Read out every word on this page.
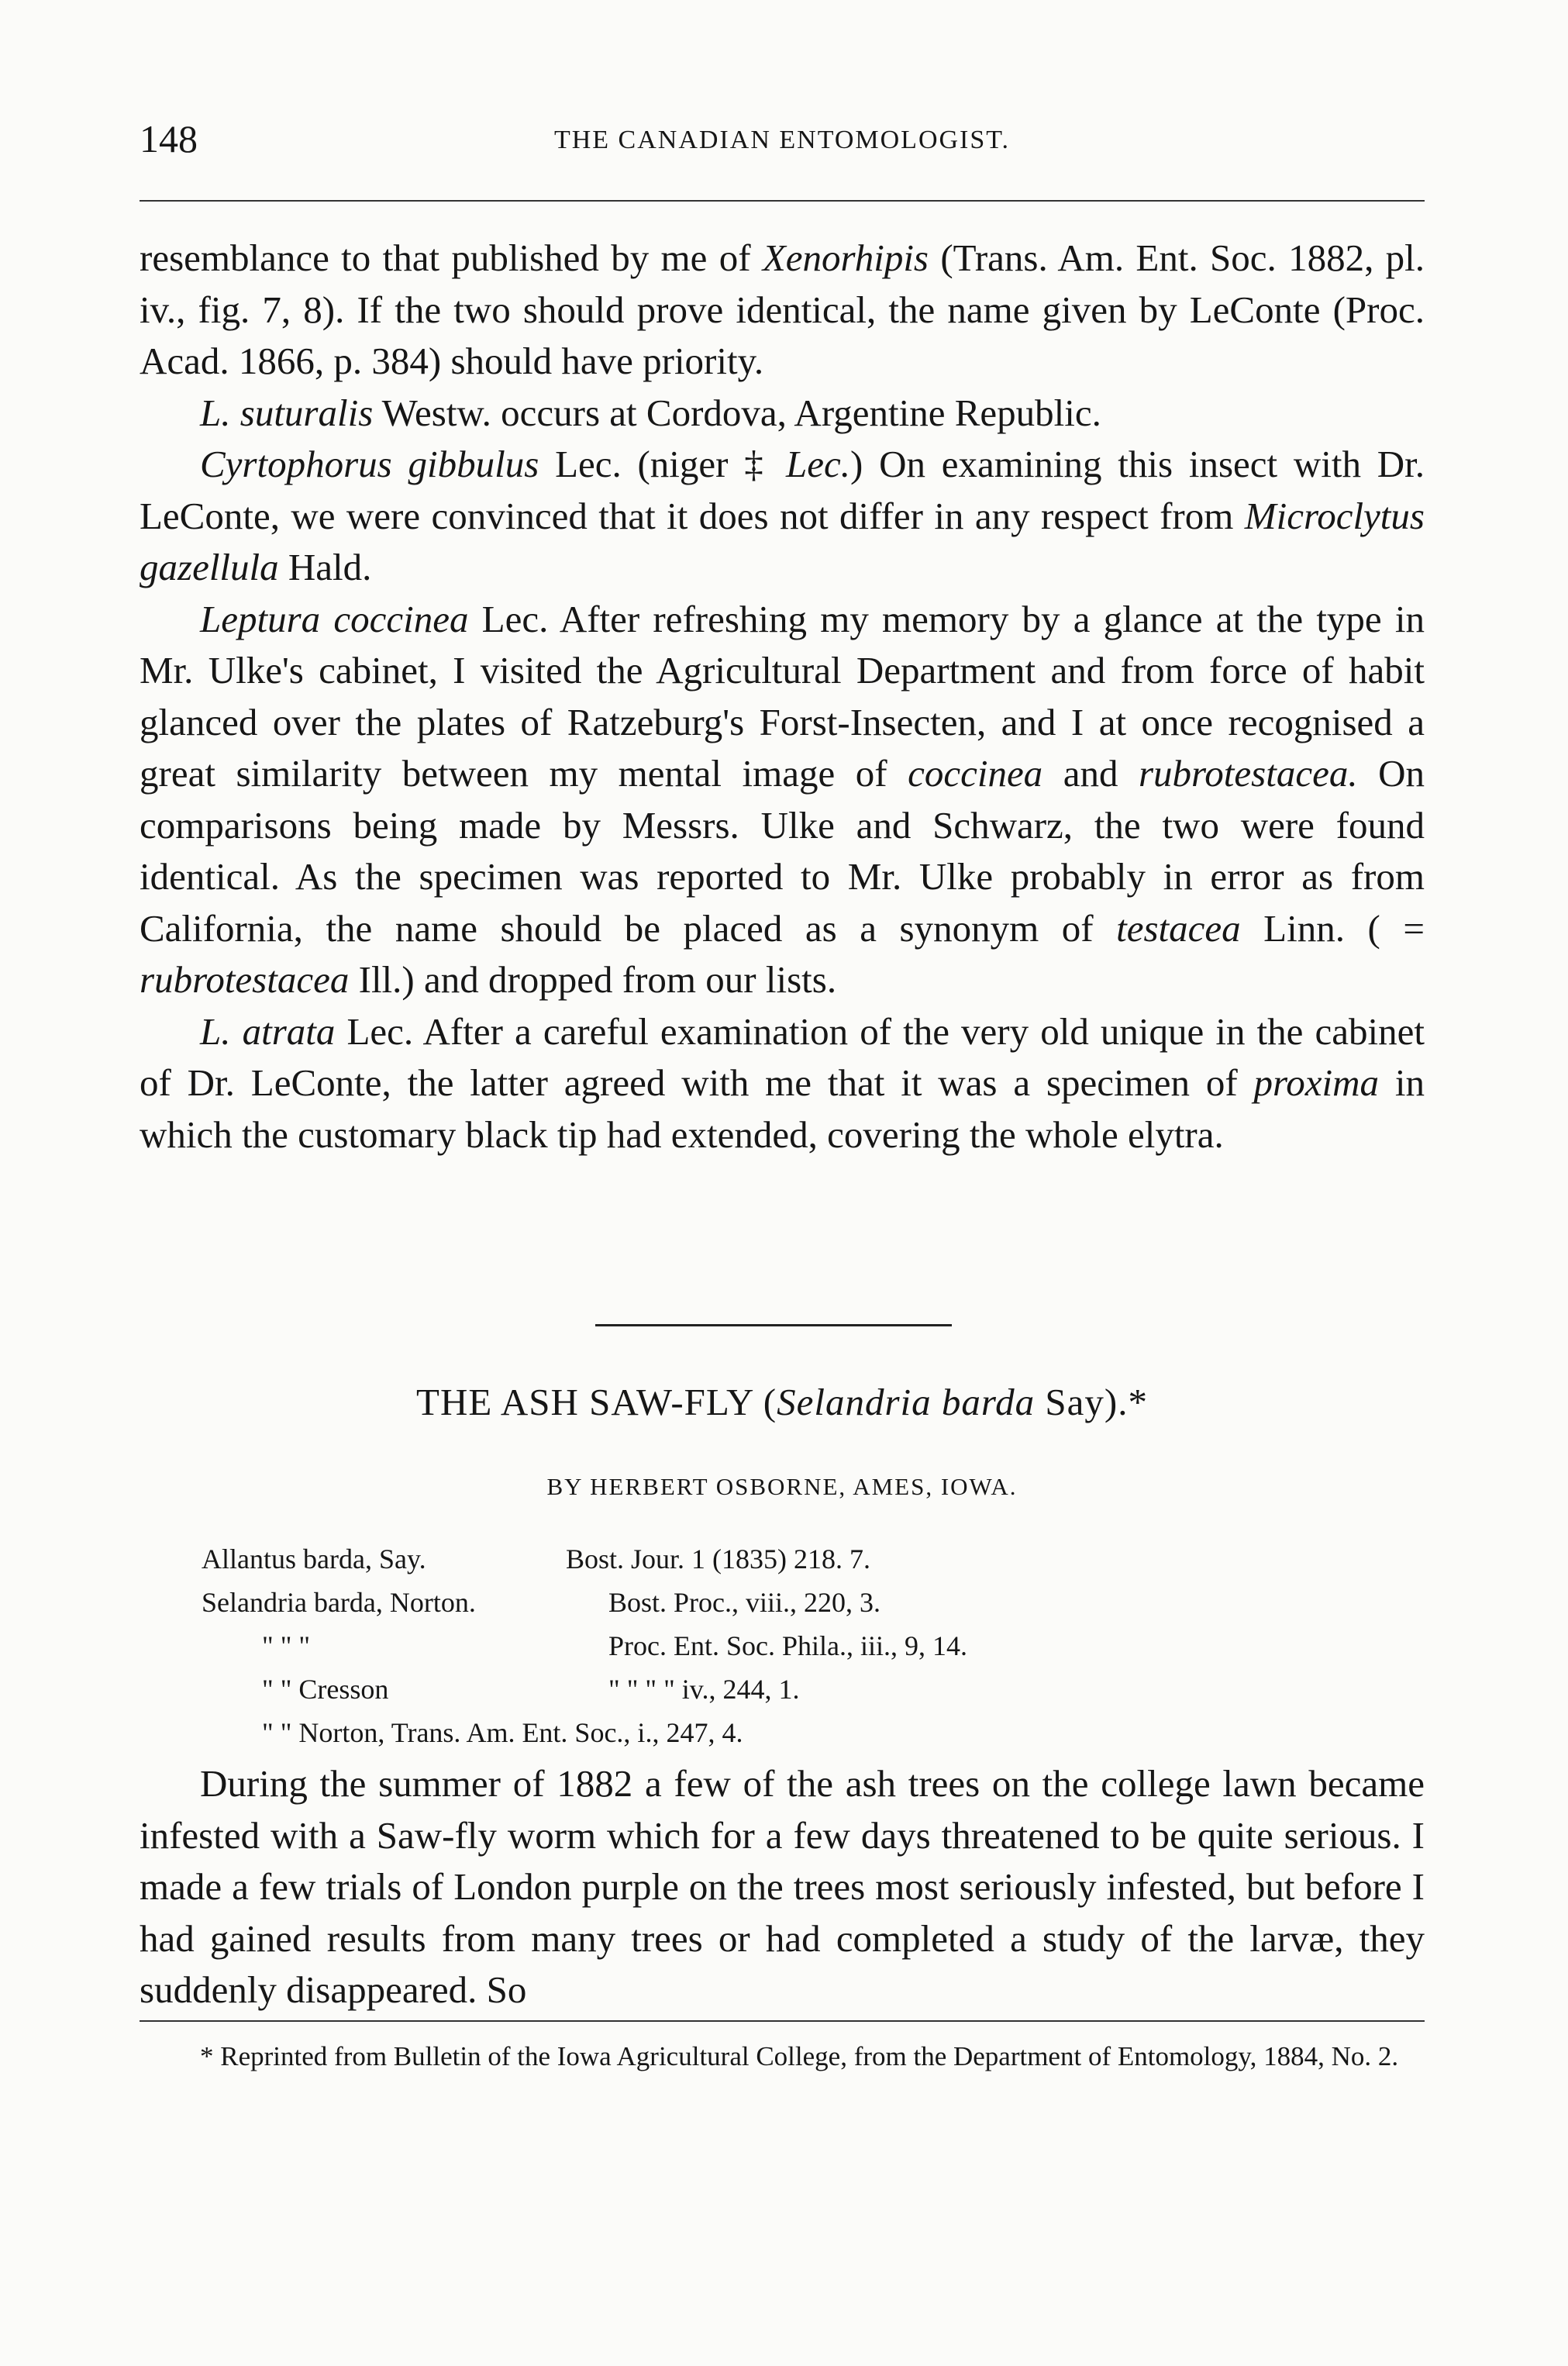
148	THE CANADIAN ENTOMOLOGIST.

resemblance to that published by me of Xenorhipis (Trans. Am. Ent. Soc. 1882, pl. iv., fig. 7, 8). If the two should prove identical, the name given by LeConte (Proc. Acad. 1866, p. 384) should have priority.

L. suturalis Westw. occurs at Cordova, Argentine Republic.

Cyrtophorus gibbulus Lec. (niger ‡ Lec.) On examining this insect with Dr. LeConte, we were convinced that it does not differ in any respect from Microclytus gazellula Hald.

Leptura coccinea Lec. After refreshing my memory by a glance at the type in Mr. Ulke's cabinet, I visited the Agricultural Department and from force of habit glanced over the plates of Ratzeburg's Forst-Insecten, and I at once recognised a great similarity between my mental image of coccinea and rubrotestacea. On comparisons being made by Messrs. Ulke and Schwarz, the two were found identical. As the specimen was reported to Mr. Ulke probably in error as from California, the name should be placed as a synonym of testacea Linn. ( = rubrotestacea Ill.) and dropped from our lists.

L. atrata Lec. After a careful examination of the very old unique in the cabinet of Dr. LeConte, the latter agreed with me that it was a specimen of proxima in which the customary black tip had extended, covering the whole elytra.

THE ASH SAW-FLY (Selandria barda Say).*
BY HERBERT OSBORNE, AMES, IOWA.
Allantus barda, Say.	Bost. Jour. 1 (1835) 218. 7.
Selandria barda, Norton.	Bost. Proc., viii., 220, 3.
" " "	Proc. Ent. Soc. Phila., iii., 9, 14.
" " Cresson	" " " " iv., 244, 1.
" " Norton, Trans. Am. Ent. Soc., i., 247, 4.

During the summer of 1882 a few of the ash trees on the college lawn became infested with a Saw-fly worm which for a few days threatened to be quite serious. I made a few trials of London purple on the trees most seriously infested, but before I had gained results from many trees or had completed a study of the larvæ, they suddenly disappeared. So

* Reprinted from Bulletin of the Iowa Agricultural College, from the Department of Entomology, 1884, No. 2.
